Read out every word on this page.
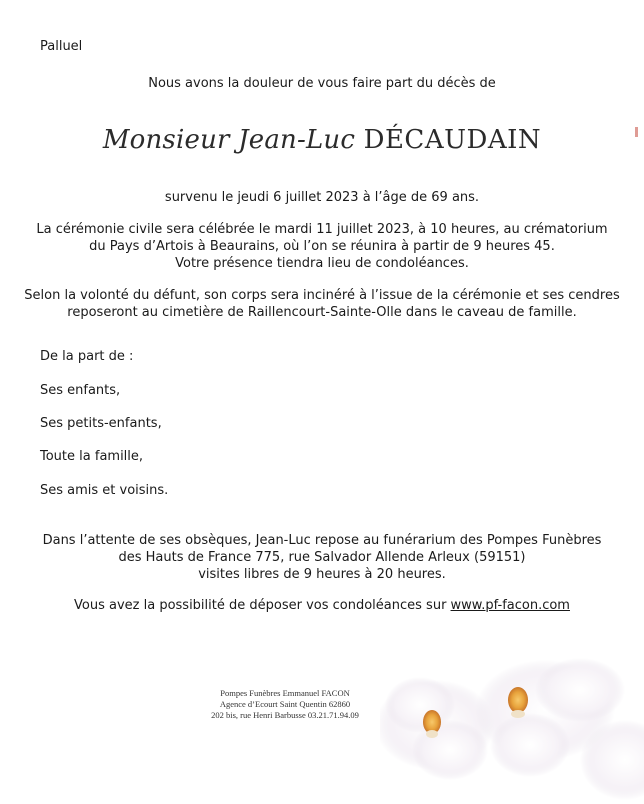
Palluel
Nous avons la douleur de vous faire part du décès de
Monsieur Jean-Luc DÉCAUDAIN
survenu le jeudi 6 juillet 2023 à l’âge de 69 ans.
La cérémonie civile sera célébrée le mardi 11 juillet 2023, à 10 heures, au crématorium
du Pays d’Artois à Beaurains, où l’on se réunira à partir de 9 heures 45.
Votre présence tiendra lieu de condoléances.
Selon la volonté du défunt, son corps sera incinéré à l’issue de la cérémonie et ses cendres
reposeront au cimetière de Raillencourt-Sainte-Olle dans le caveau de famille.
De la part de :
Ses enfants,
Ses petits-enfants,
Toute la famille,
Ses amis et voisins.
Dans l’attente de ses obsèques, Jean-Luc repose au funérarium des Pompes Funèbres
des Hauts de France 775, rue Salvador Allende Arleux (59151)
visites libres de 9 heures à 20 heures.
Vous avez la possibilité de déposer vos condoléances sur www.pf-facon.com
Pompes Funèbres Emmanuel FACON
Agence d’Ecourt Saint Quentin 62860
202 bis, rue Henri Barbusse 03.21.71.94.09
